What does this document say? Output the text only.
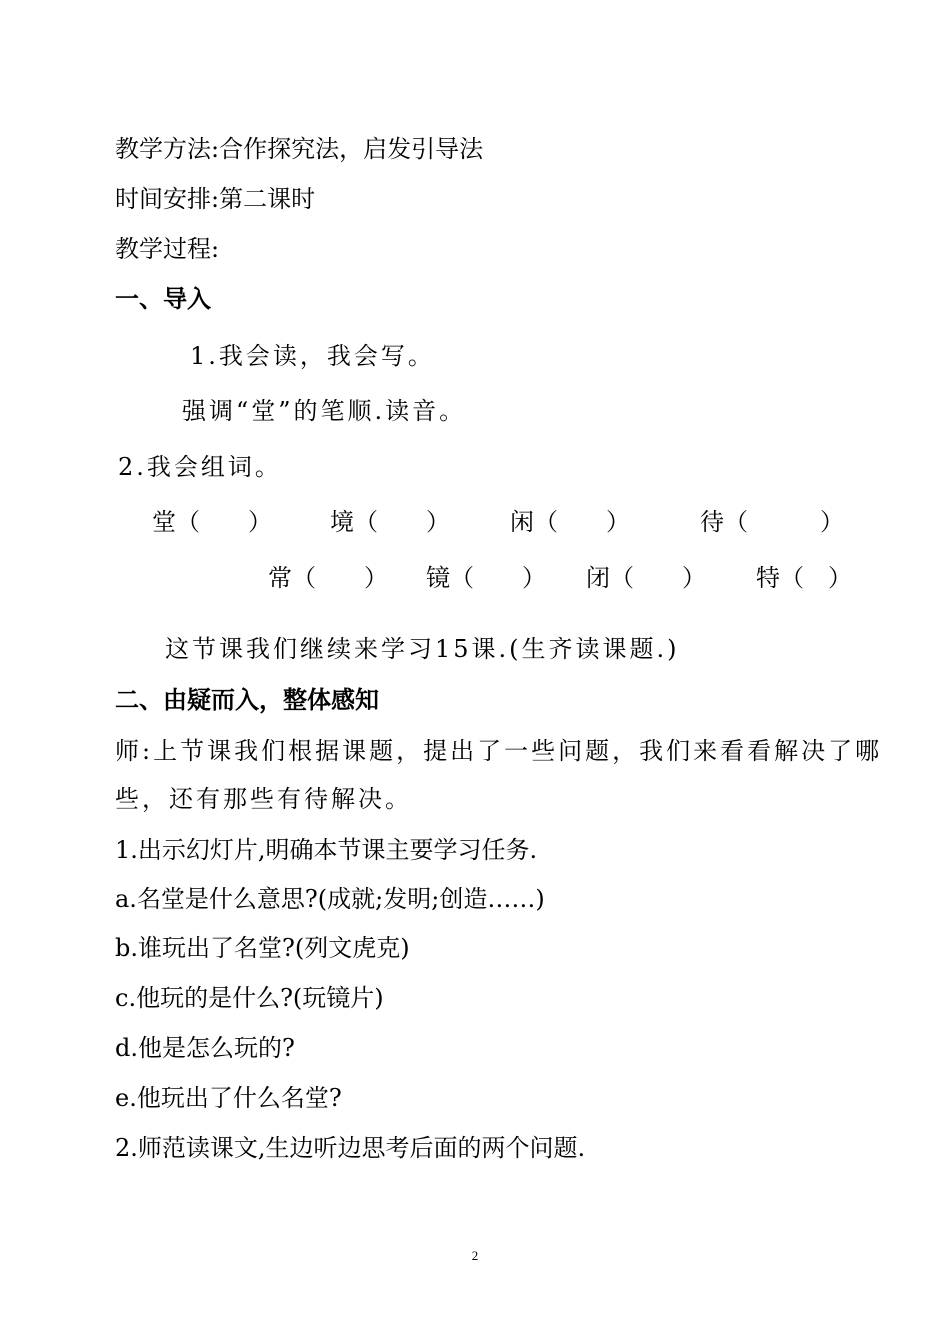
教学方法:合作探究法，启发引导法
时间安排:第二课时
教学过程:
一、导入
1.我会读，我会写。
强调“堂”的笔顺.读音。
2.我会组词。
堂（　　） 境（　　）	闲（　　）	待（　　　）
常（　　） 镜（　　） 闭（　　） 特（　）
这节课我们继续来学习15课.(生齐读课题.)
二、由疑而入，整体感知
师:上节课我们根据课题，提出了一些问题，我们来看看解决了哪
些，还有那些有待解决。
1.出示幻灯片,明确本节课主要学习任务.
a.名堂是什么意思?(成就;发明;创造……)
b.谁玩出了名堂?(列文虎克)
c.他玩的是什么?(玩镜片)
d.他是怎么玩的?
e.他玩出了什么名堂?
2.师范读课文,生边听边思考后面的两个问题.
2
